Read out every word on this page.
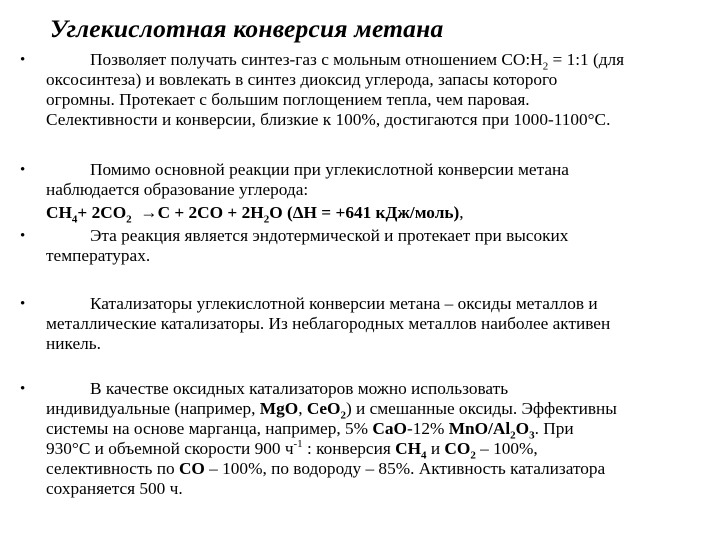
Углекислотная конверсия метана
•	Позволяет получать синтез-газ с мольным отношением $CO:H_2$ = 1:1 (для
оксосинтеза) и вовлекать в синтез диоксид углерода, запасы которого
огромны. Протекает с большим поглощением тепла, чем паровая.
Селективности и конверсии, близкие к 100%, достигаются при 1000-1100°С.
•	Помимо основной реакции при углекислотной конверсии метана
наблюдается образование углерода:
$CH_4+ 2CO_2 \to C + 2CO + 2H_2O$ (ΔH = +641 кДж/моль),
•	Эта реакция является эндотермической и протекает при высоких
температурах.
•	Катализаторы углекислотной конверсии метана – оксиды металлов и
металлические катализаторы. Из неблагородных металлов наиболее активен
никель.
•	В качестве оксидных катализаторов можно использовать
индивидуальные (например, MgO, CeO$_2$) и смешанные оксиды. Эффективны
системы на основе марганца, например, 5% CaO-12% MnO/$Al_2O_3$. При
930°С и объемной скорости 900 $ч^{-1}$ : конверсия $CH_4$ и $CO_2 - 100\%$,
селективность по CO – 100%, по водороду – 85%. Активность катализатора
сохраняется 500 ч.
